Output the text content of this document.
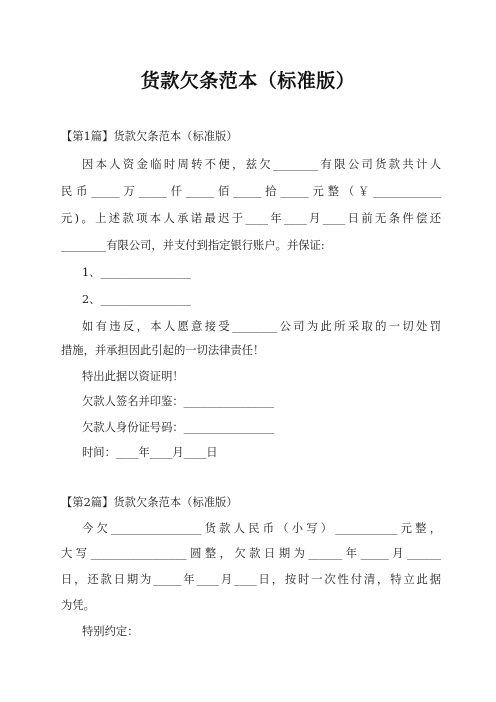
货款欠条范本（标准版）
【第1篇】货款欠条范本（标准版）
因本人资金临时周转不便，兹欠________有限公司货款共计人
民币_____万_____仟_____佰_____拾_____元整（￥____________
元)。上述款项本人承诺最迟于____年____月____日前无条件偿还
________有限公司，并支付到指定银行账户。并保证:
1、________________
2、________________
如有违反，本人愿意接受________公司为此所采取的一切处罚
措施，并承担因此引起的一切法律责任！
特出此据以资证明！
欠款人签名并印鉴：________________
欠款人身份证号码：________________
时间：____年____月____日
【第2篇】货款欠条范本（标准版）
今欠________________货款人民币（小写）___________元整，
大写_________________圆整，欠款日期为______年_____月______
日，还款日期为_____年____月____日，按时一次性付清，特立此据
为凭。
特别约定：
